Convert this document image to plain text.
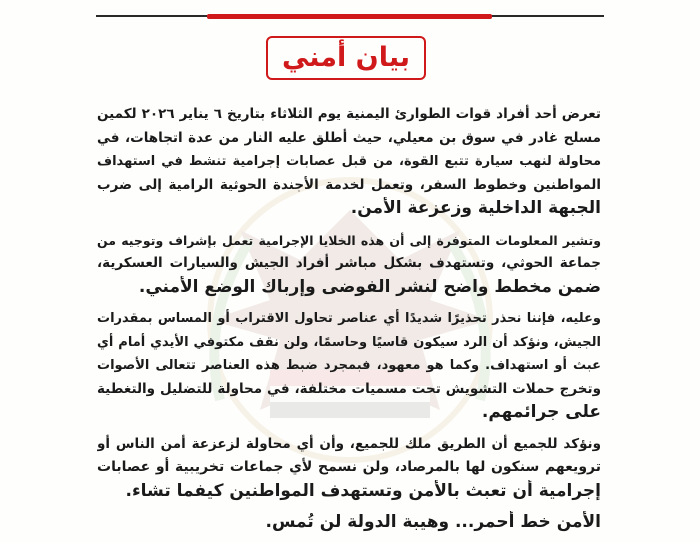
بيان أمني
تعرض أحد أفراد قوات الطوارئ اليمنية يوم الثلاثاء بتاريخ ٦ يناير ٢٠٢٦ لكمين
مسلح غادر في سوق بن معيلي، حيث أطلق عليه النار من عدة اتجاهات، في
محاولة لنهب سيارة تتبع القوة، من قبل عصابات إجرامية تنشط في استهداف
المواطنين وخطوط السفر، وتعمل لخدمة الأجندة الحوثية الرامية إلى ضرب
الجبهة الداخلية وزعزعة الأمن.
وتشير المعلومات المتوفرة إلى أن هذه الخلايا الإجرامية تعمل بإشراف وتوجيه من
جماعة الحوثي، وتستهدف بشكل مباشر أفراد الجيش والسيارات العسكرية،
ضمن مخطط واضح لنشر الفوضى وإرباك الوضع الأمني.
وعليه، فإننا نحذر تحذيرًا شديدًا أي عناصر تحاول الاقتراب أو المساس بمقدرات
الجيش، ونؤكد أن الرد سيكون قاسيًا وحاسمًا، ولن نقف مكتوفي الأيدي أمام أي
عبث أو استهداف. وكما هو معهود، فبمجرد ضبط هذه العناصر تتعالى الأصوات
وتخرج حملات التشويش تحت مسميات مختلفة، في محاولة للتضليل والتغطية
على جرائمهم.
ونؤكد للجميع أن الطريق ملك للجميع، وأن أي محاولة لزعزعة أمن الناس أو
ترويعهم سنكون لها بالمرصاد، ولن نسمح لأي جماعات تخريبية أو عصابات
إجرامية أن تعبث بالأمن وتستهدف المواطنين كيفما تشاء.
الأمن خط أحمر... وهيبة الدولة لن تُمس.
